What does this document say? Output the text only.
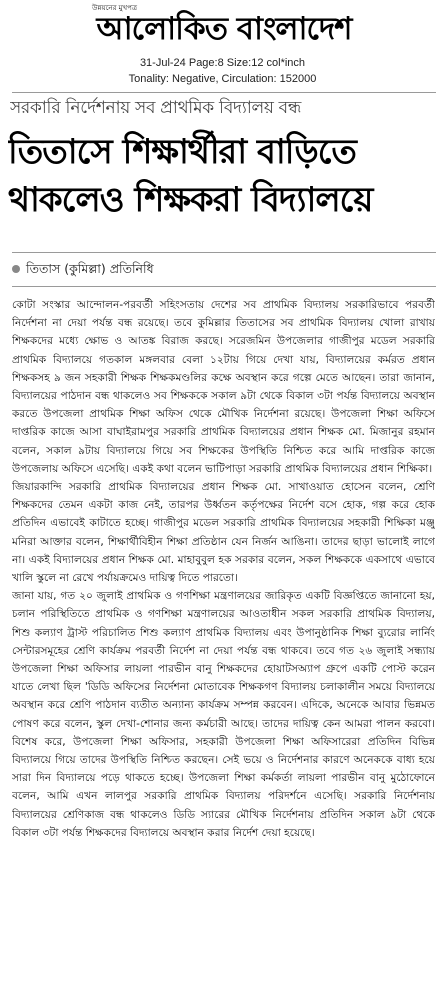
উন্নয়নের মুখপত্র
আলোকিত বাংলাদেশ
31-Jul-24 Page:8 Size:12 col*inch
Tonality: Negative, Circulation: 152000
সরকারি নির্দেশনায় সব প্রাথমিক বিদ্যালয় বন্ধ
তিতাসে শিক্ষার্থীরা বাড়িতে
থাকলেও শিক্ষকরা বিদ্যালয়ে
তিতাস (কুমিল্লা) প্রতিনিধি

কোটা সংস্কার আন্দোলন-পরবর্তী সহিংসতায় দেশের সব প্রাথমিক বিদ্যালয় সরকারিভাবে পরবর্তী নির্দেশনা না দেয়া পর্যন্ত বন্ধ রয়েছে। তবে কুমিল্লার তিতাসের সব প্রাথমিক বিদ্যালয় খোলা রাখায় শিক্ষকদের মধ্যে ক্ষোভ ও আতঙ্ক বিরাজ করছে। সরেজমিন উপজেলার গাজীপুর মডেল সরকারি প্রাথমিক বিদ্যালয়ে গতকাল মঙ্গলবার বেলা ১২টায় গিয়ে দেখা যায়, বিদ্যালয়ের কর্মরত প্রধান শিক্ষকসহ ৯ জন সহকারী শিক্ষক শিক্ষকমণ্ডলির কক্ষে অবস্থান করে গল্পে মেতে আছেন। তারা জানান, বিদ্যালয়ের পাঠদান বন্ধ থাকলেও সব শিক্ষককে সকাল ৯টা থেকে বিকাল ৩টা পর্যন্ত বিদ্যালয়ে অবস্থান করতে উপজেলা প্রাথমিক শিক্ষা অফিস থেকে মৌখিক নির্দেশনা রয়েছে। উপজেলা শিক্ষা অফিসে দাপ্তরিক কাজে আসা বাঘাইরামপুর সরকারি প্রাথমিক বিদ্যালয়ের প্রধান শিক্ষক মো. মিজানুর রহমান বলেন, সকাল ৯টায় বিদ্যালয়ে গিয়ে সব শিক্ষকের উপস্থিতি নিশ্চিত করে আমি দাপ্তরিক কাজে উপজেলায় অফিসে এসেছি। একই কথা বলেন ভাটিপাড়া সরকারি প্রাথমিক বিদ্যালয়ের প্রধান শিক্ষিকা।

জিয়ারকান্দি সরকারি প্রাথমিক বিদ্যালয়ের প্রধান শিক্ষক মো. সাখাওয়াত হোসেন বলেন, শ্রেণি শিক্ষকদের তেমন একটা কাজ নেই, তারপর উর্ধ্বতন কর্তৃপক্ষের নির্দেশ বসে হোক, গল্প করে হোক প্রতিদিন এভাবেই কাটাতে হচ্ছে। গাজীপুর মডেল সরকারি প্রাথমিক বিদ্যালয়ের সহকারী শিক্ষিকা মঞ্জু মনিরা আক্তার বলেন, শিক্ষার্থীবিহীন শিক্ষা প্রতিষ্ঠান যেন নির্জন আঙিনা। তাদের ছাড়া ভালোই লাগে না। একই বিদ্যালয়ের প্রধান শিক্ষক মো. মাহাবুবুল হক সরকার বলেন, সকল শিক্ষককে একসাথে এভাবে খালি স্কুলে না রেখে পর্যায়ক্রমেও দায়িত্ব দিতে পারতো।

জানা যায়, গত ২০ জুলাই প্রাথমিক ও গণশিক্ষা মন্ত্রণালয়ের জারিকৃত একটি বিজ্ঞপ্তিতে জানানো হয়, চলান পরিস্থিতিতে প্রাথমিক ও গণশিক্ষা মন্ত্রণালয়ের আওতাধীন সকল সরকারি প্রাথমিক বিদ্যালয়, শিশু কল্যাণ ট্রাস্ট পরিচালিত শিশু কল্যাণ প্রাথমিক বিদ্যালয় এবং উপানুষ্ঠানিক শিক্ষা ব্যুরোর লার্নিং সেন্টারসমূহের শ্রেণি কার্যক্রম পরবর্তী নির্দেশ না দেয়া পর্যন্ত বন্ধ থাকবে। তবে গত ২৬ জুলাই সন্ধ্যায় উপজেলা শিক্ষা অফিসার লায়লা পারভীন বানু শিক্ষকদের হোয়াটসঅ্যাপ গ্রুপে একটি পোস্ট করেন যাতে লেখা ছিল 'ডিডি অফিসের নির্দেশনা মোতাবেক শিক্ষকগণ বিদ্যালয় চলাকালীন সময়ে বিদ্যালয়ে অবস্থান করে শ্রেণি পাঠদান ব্যতীত অন্যান্য কার্যক্রম সম্পন্ন করবেন। এদিকে, অনেকে আবার ভিন্নমত পোষণ করে বলেন, স্কুল দেখা-শোনার জন্য কর্মচারী আছে। তাদের দায়িত্ব কেন আমরা পালন করবো। বিশেষ করে, উপজেলা শিক্ষা অফিসার, সহকারী উপজেলা শিক্ষা অফিসারেরা প্রতিদিন বিভিন্ন বিদ্যালয়ে গিয়ে তাদের উপস্থিতি নিশ্চিত করছেন। সেই ভয়ে ও নির্দেশনার কারণে অনেককে বাধ্য হয়ে সারা দিন বিদ্যালয়ে পড়ে থাকতে হচ্ছে। উপজেলা শিক্ষা কর্মকর্তা লায়লা পারভীন বানু মুঠোফোনে বলেন, আমি এখন লালপুর সরকারি প্রাথমিক বিদ্যালয় পরিদর্শনে এসেছি। সরকারি নির্দেশনায় বিদ্যালয়ের শ্রেণিকাজ বন্ধ থাকলেও ডিডি স্যারের মৌখিক নির্দেশনায় প্রতিদিন সকাল ৯টা থেকে বিকাল ৩টা পর্যন্ত শিক্ষকদের বিদ্যালয়ে অবস্থান করার নির্দেশ দেয়া হয়েছে।
